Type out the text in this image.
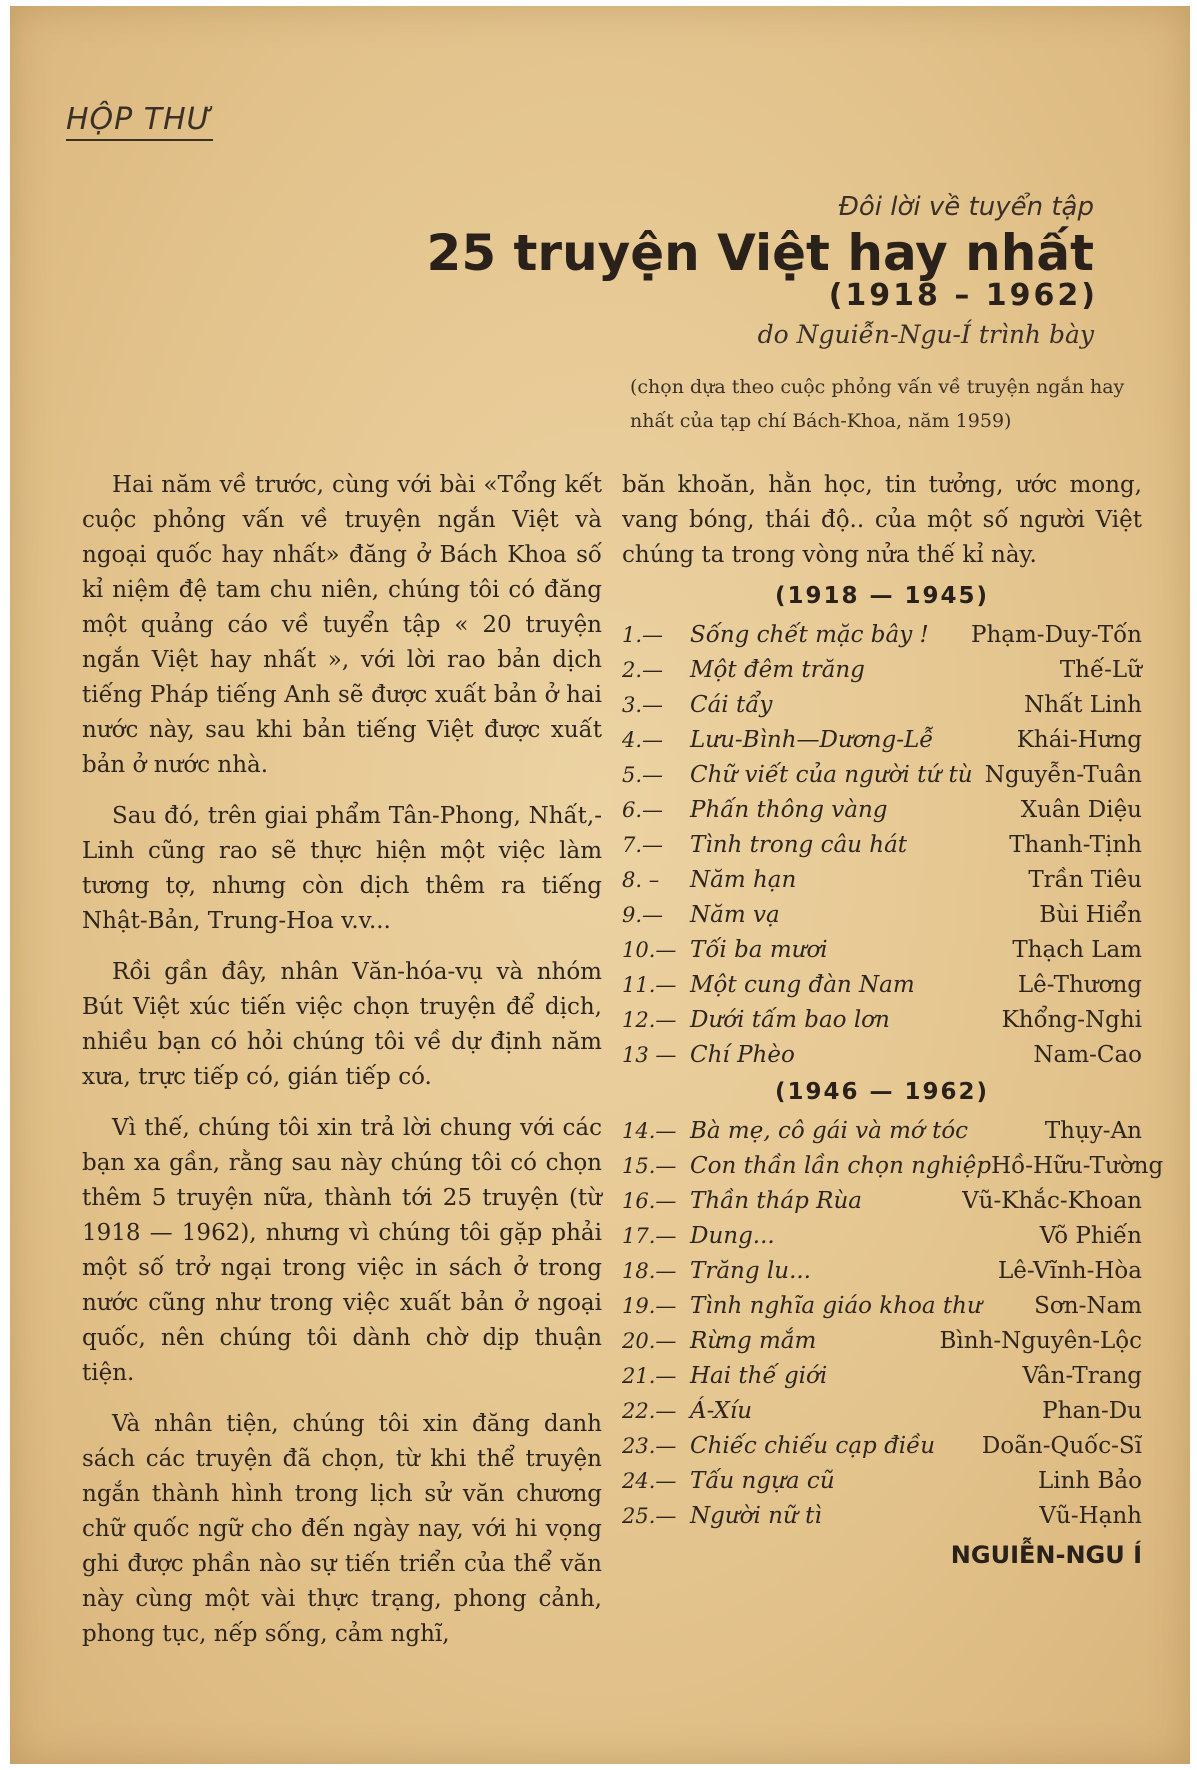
HỘP THƯ
Đôi lời về tuyển tập
25 truyện Việt hay nhất
(1918 – 1962)
do Nguiễn-Ngu-Í trình bày
(chọn dựa theo cuộc phỏng vấn về truyện ngắn hay nhất của tạp chí Bách-Khoa, năm 1959)

Hai năm về trước, cùng với bài «Tổng kết cuộc phỏng vấn về truyện ngắn Việt và ngoại quốc hay nhất» đăng ở Bách Khoa số kỉ niệm đệ tam chu niên, chúng tôi có đăng một quảng cáo về tuyển tập « 20 truyện ngắn Việt hay nhất », với lời rao bản dịch tiếng Pháp tiếng Anh sẽ được xuất bản ở hai nước này, sau khi bản tiếng Việt được xuất bản ở nước nhà.

Sau đó, trên giai phẩm Tân-Phong, Nhất,-Linh cũng rao sẽ thực hiện một việc làm tương tợ, nhưng còn dịch thêm ra tiếng Nhật-Bản, Trung-Hoa v.v...

Rồi gần đây, nhân Văn-hóa-vụ và nhóm Bút Việt xúc tiến việc chọn truyện để dịch, nhiều bạn có hỏi chúng tôi về dự định năm xưa, trực tiếp có, gián tiếp có.

Vì thế, chúng tôi xin trả lời chung với các bạn xa gần, rằng sau này chúng tôi có chọn thêm 5 truyện nữa, thành tới 25 truyện (từ 1918 — 1962), nhưng vì chúng tôi gặp phải một số trở ngại trong việc in sách ở trong nước cũng như trong việc xuất bản ở ngoại quốc, nên chúng tôi dành chờ dịp thuận tiện.

Và nhân tiện, chúng tôi xin đăng danh sách các truyện đã chọn, từ khi thể truyện ngắn thành hình trong lịch sử văn chương chữ quốc ngữ cho đến ngày nay, với hi vọng ghi được phần nào sự tiến triển của thể văn này cùng một vài thực trạng, phong cảnh, phong tục, nếp sống, cảm nghĩ,

băn khoăn, hằn học, tin tưởng, ước mong, vang bóng, thái độ.. của một số người Việt chúng ta trong vòng nửa thế kỉ này.

(1918 — 1945)
1.—	Sống chết mặc bây !	Phạm-Duy-Tốn
2.—	Một đêm trăng	Thế-Lữ
3.—	Cái tẩy	Nhất Linh
4.—	Lưu-Bình—Dương-Lễ	Khái-Hưng
5.—	Chữ viết của người tứ tù Nguyễn-Tuân
6.—	Phấn thông vàng	Xuân Diệu
7.—	Tình trong câu hát	Thanh-Tịnh
8. –	Năm hạn	Trần Tiêu
9.—	Năm vạ	Bùi Hiển
10.— Tối ba mươi	Thạch Lam
11.— Một cung đàn Nam	Lê-Thương
12.— Dưới tấm bao lơn	Khổng-Nghi
13 — Chí Phèo	Nam-Cao
(1946 — 1962)
14.— Bà mẹ, cô gái và mớ tóc	Thụy-An
15.— Con thần lần chọn nghiệp Hồ-Hữu-Tường
16.— Thần tháp Rùa	Vũ-Khắc-Khoan
17.— Dung...	Võ Phiến
18.— Trăng lu...	Lê-Vĩnh-Hòa
19.— Tình nghĩa giáo khoa thư	Sơn-Nam
20.— Rừng mắm	Bình-Nguyên-Lộc
21.— Hai thế giới	Vân-Trang
22.— Á-Xíu	Phan-Du
23.— Chiếc chiếu cạp điều	Doãn-Quốc-Sĩ
24.— Tấu ngựa cũ	Linh Bảo
25.— Người nữ tì	Vũ-Hạnh
NGUIỄN-NGU Í
